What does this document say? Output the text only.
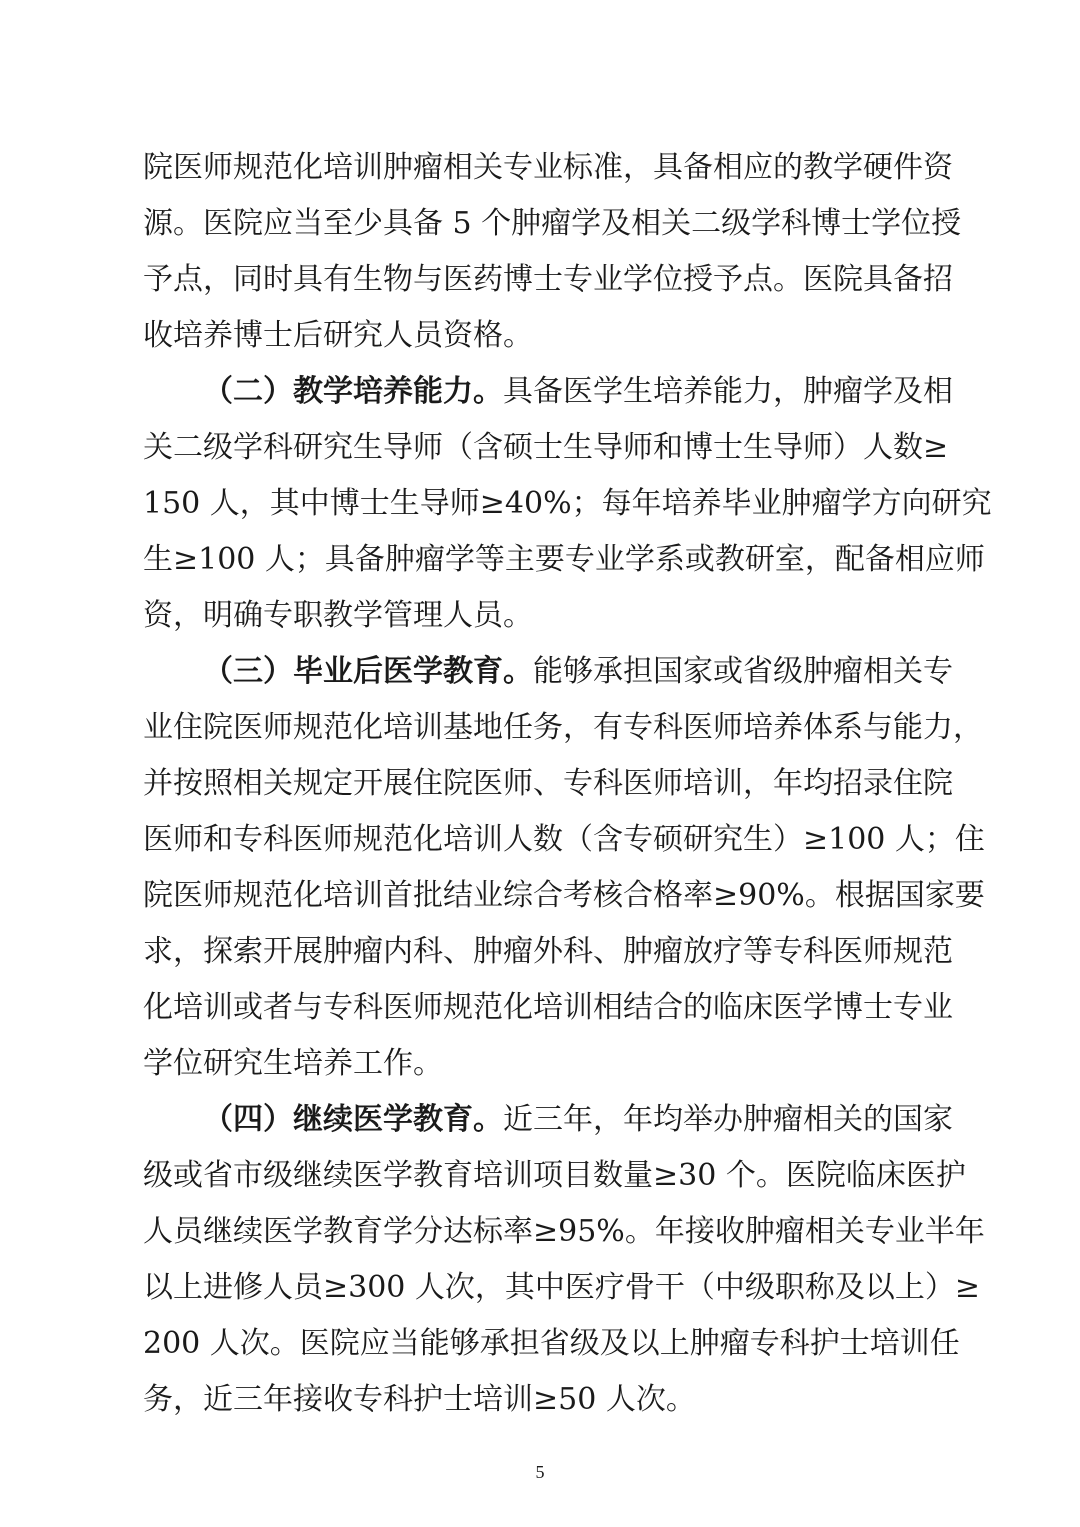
院医师规范化培训肿瘤相关专业标准，具备相应的教学硬件资
源。医院应当至少具备 5 个肿瘤学及相关二级学科博士学位授
予点，同时具有生物与医药博士专业学位授予点。医院具备招
收培养博士后研究人员资格。
（二）教学培养能力。具备医学生培养能力，肿瘤学及相
关二级学科研究生导师（含硕士生导师和博士生导师）人数≥
150 人，其中博士生导师≥40%；每年培养毕业肿瘤学方向研究
生≥100 人；具备肿瘤学等主要专业学系或教研室，配备相应师
资，明确专职教学管理人员。
（三）毕业后医学教育。能够承担国家或省级肿瘤相关专
业住院医师规范化培训基地任务，有专科医师培养体系与能力，
并按照相关规定开展住院医师、专科医师培训，年均招录住院
医师和专科医师规范化培训人数（含专硕研究生）≥100 人；住
院医师规范化培训首批结业综合考核合格率≥90%。根据国家要
求，探索开展肿瘤内科、肿瘤外科、肿瘤放疗等专科医师规范
化培训或者与专科医师规范化培训相结合的临床医学博士专业
学位研究生培养工作。
（四）继续医学教育。近三年，年均举办肿瘤相关的国家
级或省市级继续医学教育培训项目数量≥30 个。医院临床医护
人员继续医学教育学分达标率≥95%。年接收肿瘤相关专业半年
以上进修人员≥300 人次，其中医疗骨干（中级职称及以上）≥
200 人次。医院应当能够承担省级及以上肿瘤专科护士培训任
务，近三年接收专科护士培训≥50 人次。
5
